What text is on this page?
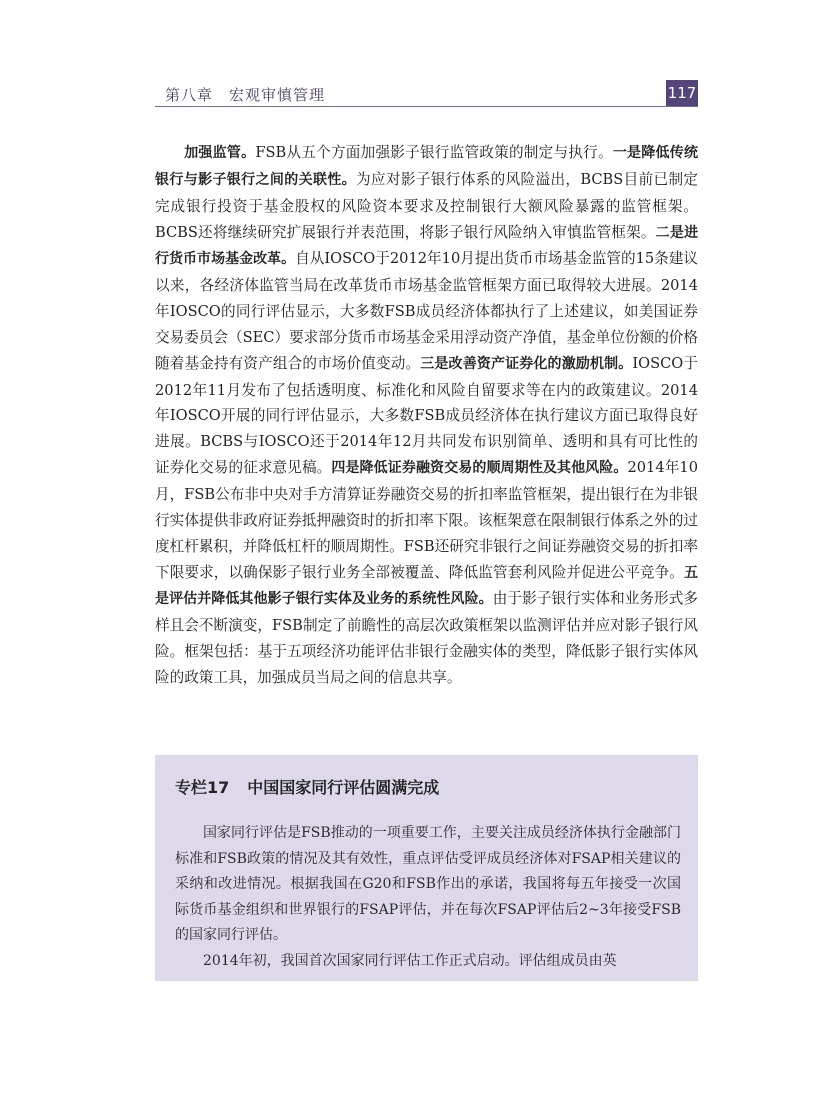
第八章　宏观审慎管理	117

加强监管。FSB从五个方面加强影子银行监管政策的制定与执行。一是降低传统银行与影子银行之间的关联性。为应对影子银行体系的风险溢出，BCBS目前已制定完成银行投资于基金股权的风险资本要求及控制银行大额风险暴露的监管框架。BCBS还将继续研究扩展银行并表范围，将影子银行风险纳入审慎监管框架。二是进行货币市场基金改革。自从IOSCO于2012年10月提出货币市场基金监管的15条建议以来，各经济体监管当局在改革货币市场基金监管框架方面已取得较大进展。2014年IOSCO的同行评估显示，大多数FSB成员经济体都执行了上述建议，如美国证券交易委员会（SEC）要求部分货币市场基金采用浮动资产净值，基金单位份额的价格随着基金持有资产组合的市场价值变动。三是改善资产证券化的激励机制。IOSCO于2012年11月发布了包括透明度、标准化和风险自留要求等在内的政策建议。2014年IOSCO开展的同行评估显示，大多数FSB成员经济体在执行建议方面已取得良好进展。BCBS与IOSCO还于2014年12月共同发布识别简单、透明和具有可比性的证券化交易的征求意见稿。四是降低证券融资交易的顺周期性及其他风险。2014年10月，FSB公布非中央对手方清算证券融资交易的折扣率监管框架，提出银行在为非银行实体提供非政府证券抵押融资时的折扣率下限。该框架意在限制银行体系之外的过度杠杆累积，并降低杠杆的顺周期性。FSB还研究非银行之间证券融资交易的折扣率下限要求，以确保影子银行业务全部被覆盖、降低监管套利风险并促进公平竞争。五是评估并降低其他影子银行实体及业务的系统性风险。由于影子银行实体和业务形式多样且会不断演变，FSB制定了前瞻性的高层次政策框架以监测评估并应对影子银行风险。框架包括：基于五项经济功能评估非银行金融实体的类型，降低影子银行实体风险的政策工具，加强成员当局之间的信息共享。

专栏17 中国国家同行评估圆满完成

国家同行评估是FSB推动的一项重要工作，主要关注成员经济体执行金融部门标准和FSB政策的情况及其有效性，重点评估受评成员经济体对FSAP相关建议的采纳和改进情况。根据我国在G20和FSB作出的承诺，我国将每五年接受一次国际货币基金组织和世界银行的FSAP评估，并在每次FSAP评估后2~3年接受FSB的国家同行评估。

2014年初，我国首次国家同行评估工作正式启动。评估组成员由英
